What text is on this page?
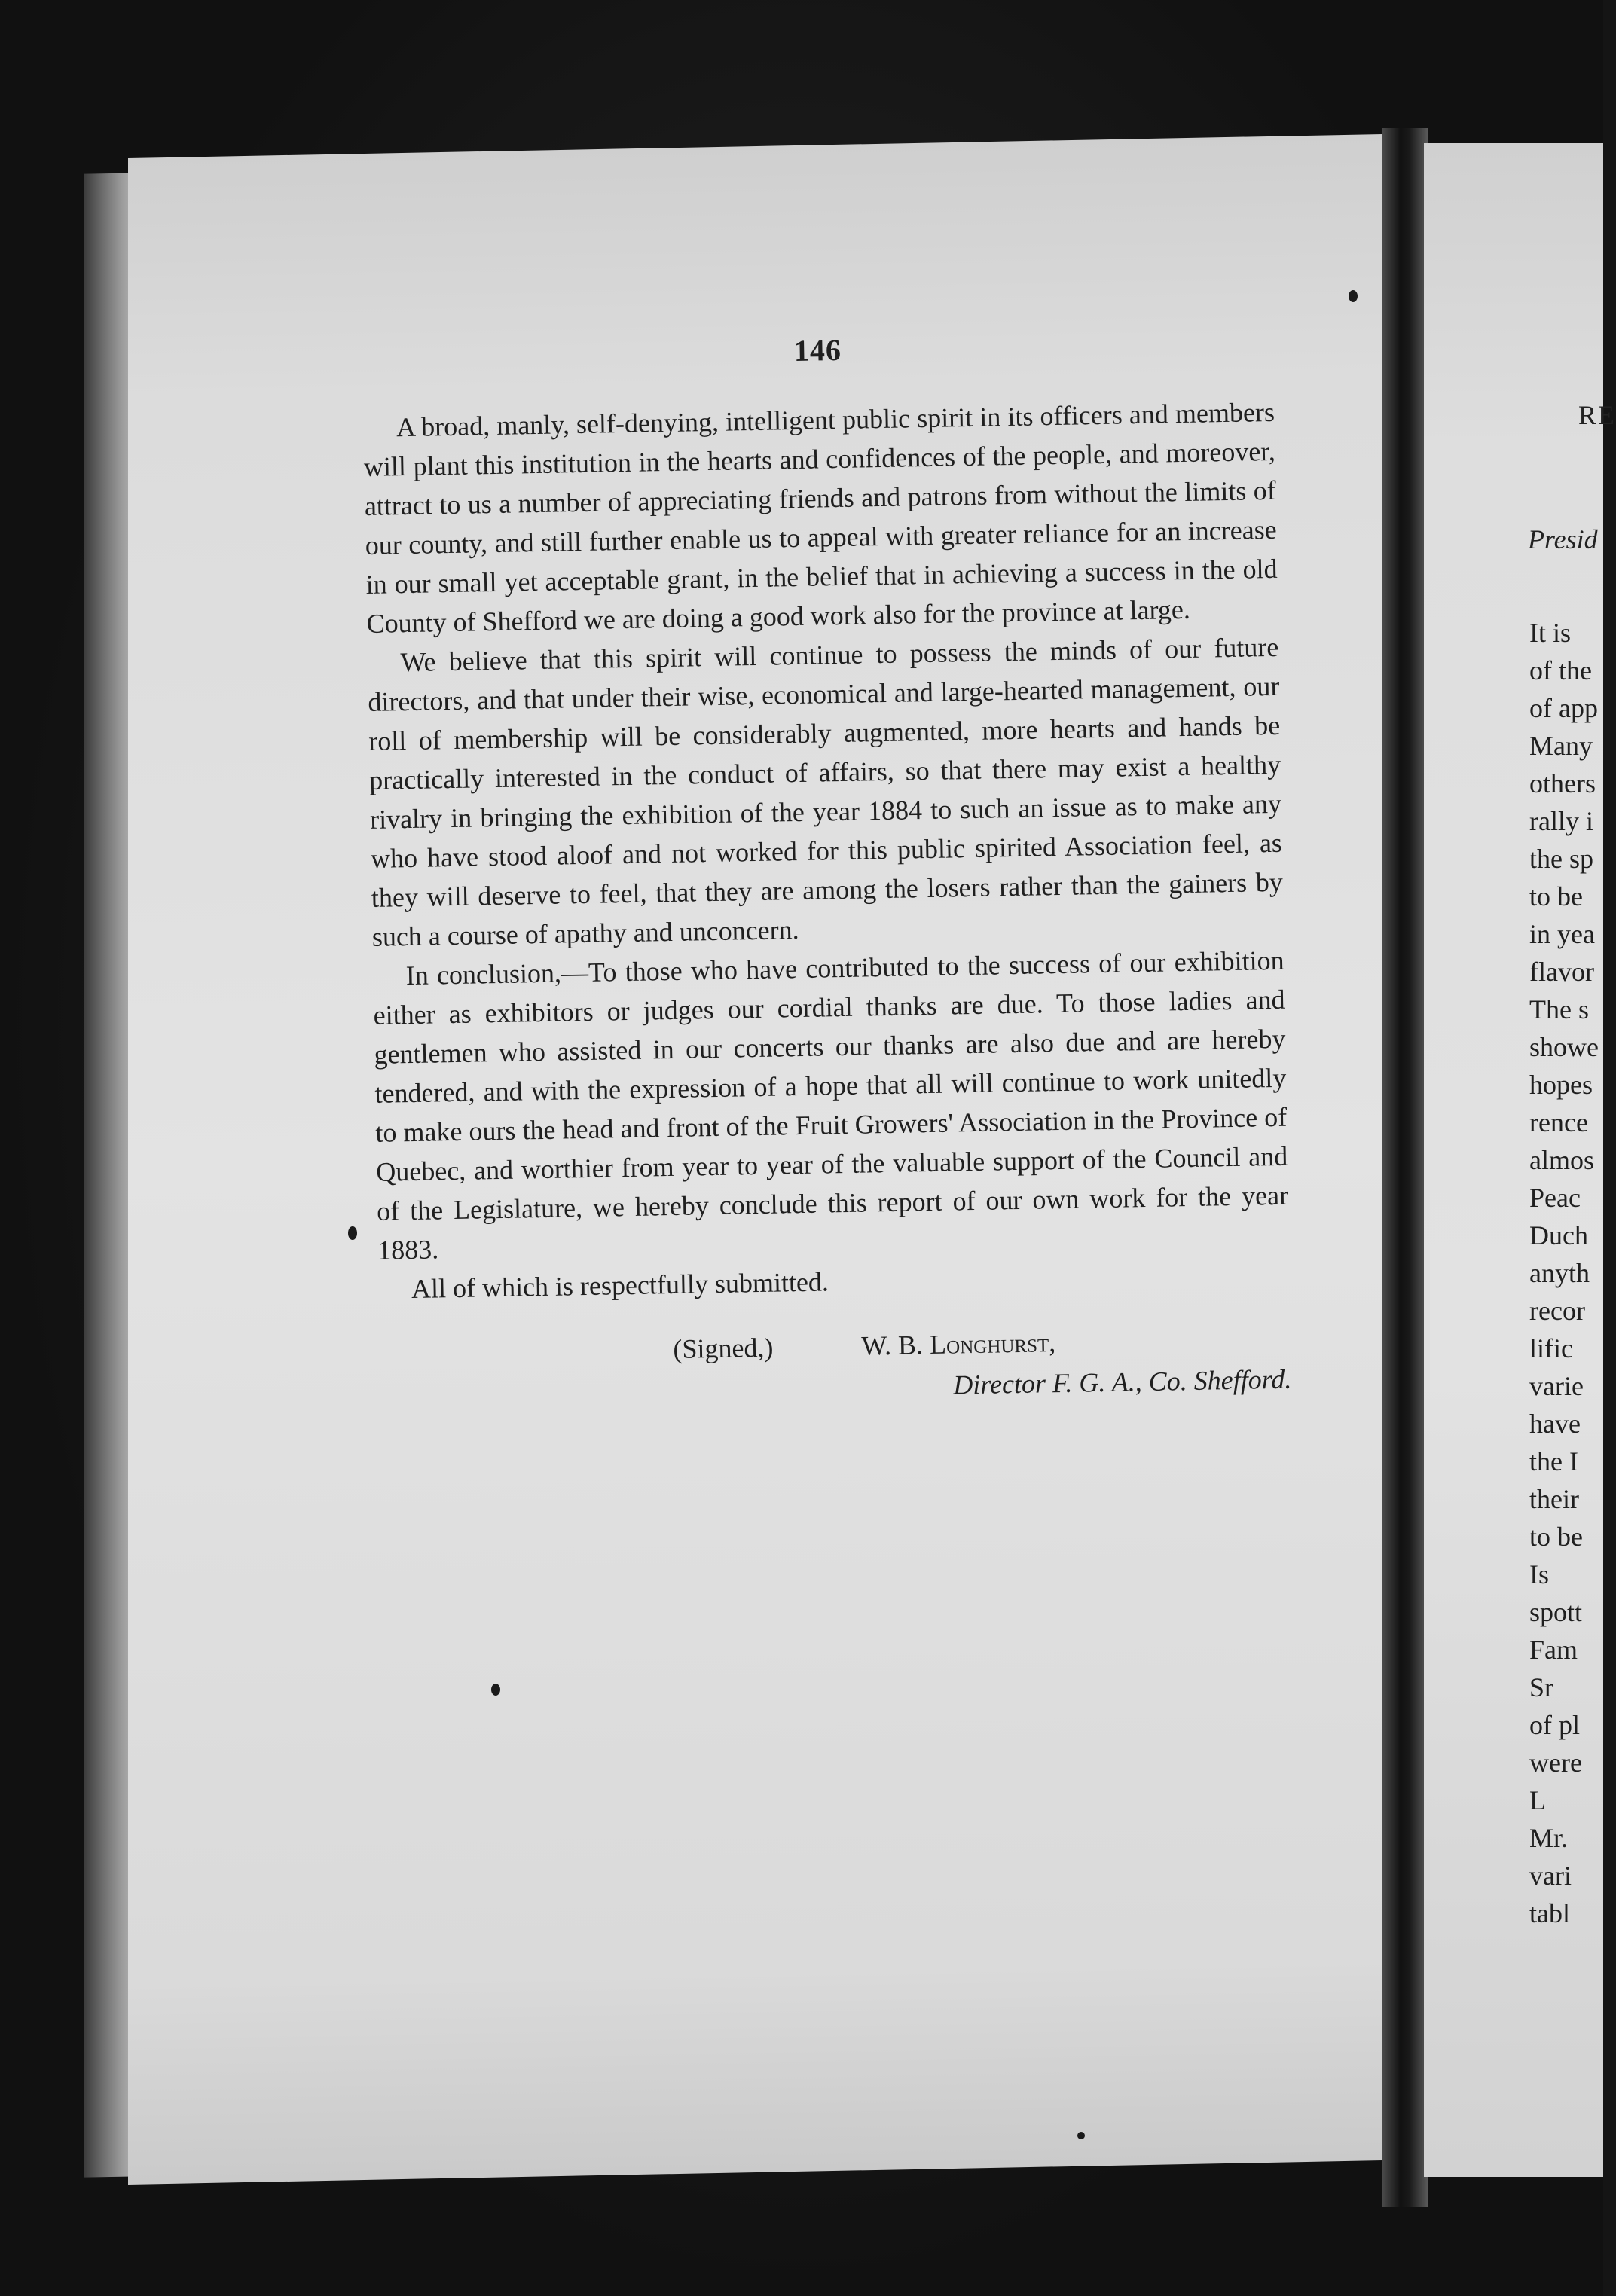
146

A broad, manly, self-denying, intelligent public spirit in its officers and members will plant this institution in the hearts and confidences of the people, and moreover, attract to us a number of appreciating friends and patrons from without the limits of our county, and still further enable us to appeal with greater reliance for an increase in our small yet acceptable grant, in the belief that in achieving a success in the old County of Shefford we are doing a good work also for the province at large.

We believe that this spirit will continue to possess the minds of our future directors, and that under their wise, economical and large-hearted management, our roll of membership will be considerably augmented, more hearts and hands be practically interested in the conduct of affairs, so that there may exist a healthy rivalry in bringing the exhibition of the year 1884 to such an issue as to make any who have stood aloof and not worked for this public spirited Association feel, as they will deserve to feel, that they are among the losers rather than the gainers by such a course of apathy and unconcern.

In conclusion,—To those who have contributed to the success of our exhibition either as exhibitors or judges our cordial thanks are due. To those ladies and gentlemen who assisted in our concerts our thanks are also due and are hereby tendered, and with the expression of a hope that all will continue to work unitedly to make ours the head and front of the Fruit Growers' Association in the Province of Quebec, and worthier from year to year of the valuable support of the Council and of the Legislature, we hereby conclude this report of our own work for the year 1883.

All of which is respectfully submitted.

(Signed,)	W. B. Longhurst,
Director F. G. A., Co. Shefford.
RE
Presid
It is
of the
of app
Many
others
rally i
the sp
to be
in yea
flavor
The s
showe
hopes
rence
almos
Peac
Duch
anyth
recor
lific
varie
have
the I
their
to be
Is
spott
Fam
Sr
of pl
were
L
Mr.
vari
tabl
